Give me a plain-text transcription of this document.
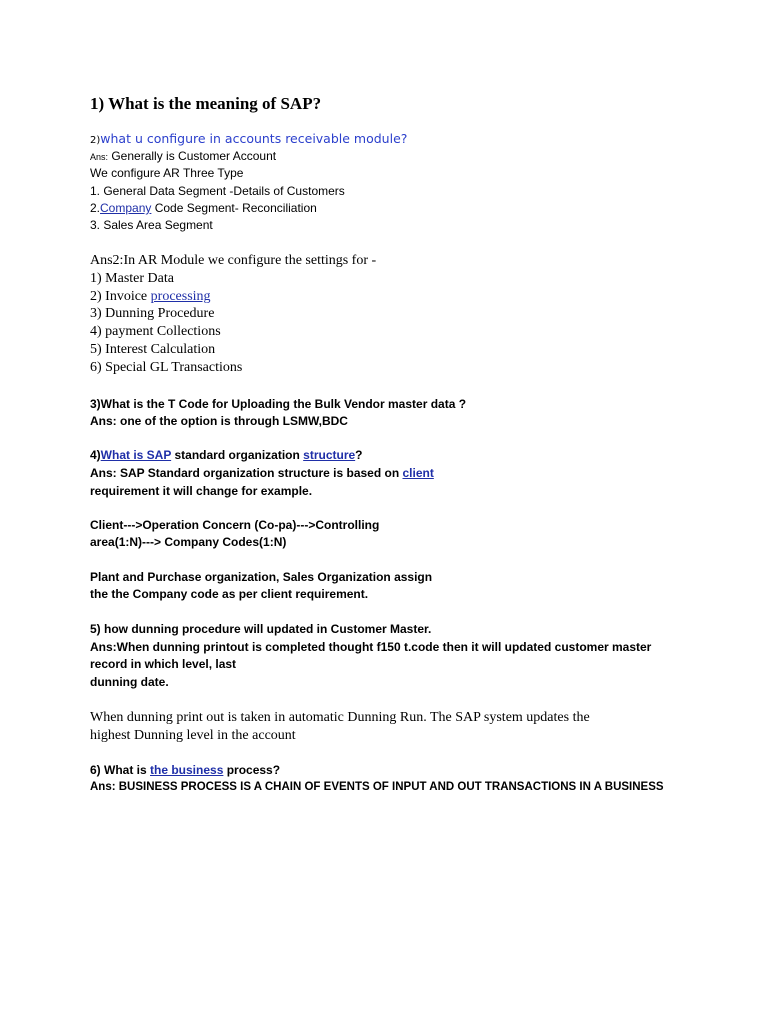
1) What is the meaning of SAP?
2)what u configure in accounts receivable module?
Ans: Generally is Customer Account
We configure AR Three Type
1. General Data Segment -Details of Customers
2.Company Code Segment- Reconciliation
3. Sales Area Segment
Ans2:In AR Module we configure the settings for -
1) Master Data
2) Invoice processing
3) Dunning Procedure
4) payment Collections
5) Interest Calculation
6) Special GL Transactions
3)What is the T Code for Uploading the Bulk Vendor master data ?
Ans: one of the option is through LSMW,BDC
4)What is SAP standard organization structure?
Ans: SAP Standard organization structure is based on client
requirement it will change for example.
Client--->Operation Concern (Co-pa)--->Controlling
area(1:N)---> Company Codes(1:N)
Plant and Purchase organization, Sales Organization assign
the the Company code as per client requirement.
5) how dunning procedure will updated in Customer Master.
Ans:When dunning printout is completed thought f150 t.code then it will updated customer master
record in which level, last
dunning date.
When dunning print out is taken in automatic Dunning Run. The SAP system updates the
highest Dunning level in the account
6) What is the business process?
Ans: BUSINESS PROCESS IS A CHAIN OF EVENTS OF INPUT AND OUT TRANSACTIONS IN A BUSINESS
